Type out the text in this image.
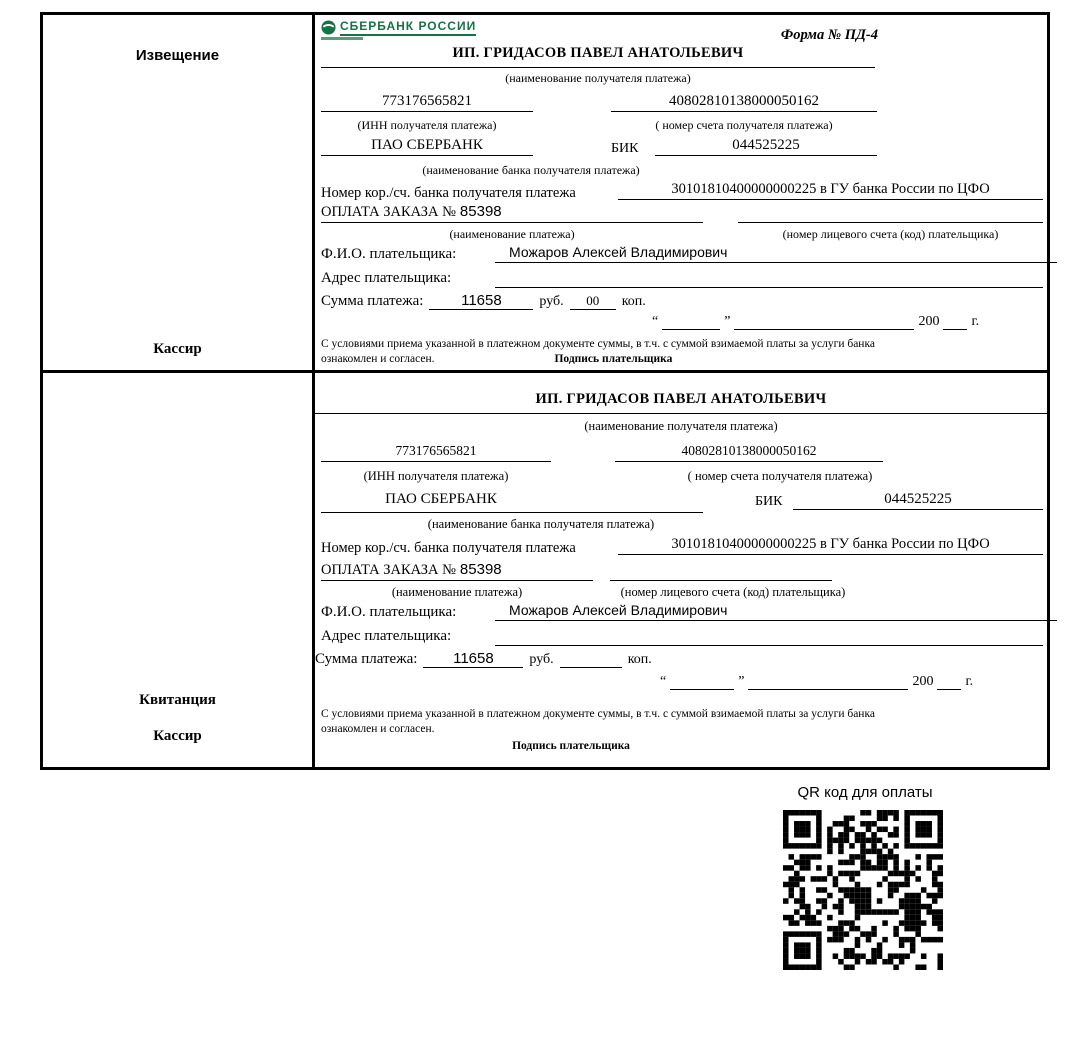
Извещение
Кассир
СБЕРБАНК РОССИИ
Форма № ПД-4
ИП. ГРИДАСОВ ПАВЕЛ АНАТОЛЬЕВИЧ
(наименование получателя платежа)
773176565821	40802810138000050162
(ИНН получателя платежа)	( номер счета получателя платежа)
ПАО СБЕРБАНК	БИК	044525225
(наименование банка получателя платежа)
Номер кор./сч. банка получателя платежа	30101810400000000225 в ГУ банка России по ЦФО
ОПЛАТА ЗАКАЗА № 85398
(наименование платежа)	(номер лицевого счета (код) плательщика)
Ф.И.О. плательщика:	Можаров Алексей Владимирович
Адрес плательщика:
Сумма платежа:	11658	руб.	00	коп.
“	”	200 г.
С условиями приема указанной в платежном документе суммы, в т.ч. с суммой взимаемой платы за услуги банка
ознакомлен и согласен.	Подпись плательщика
Квитанция
Кассир
ИП. ГРИДАСОВ ПАВЕЛ АНАТОЛЬЕВИЧ
(наименование получателя платежа)
773176565821	40802810138000050162
(ИНН получателя платежа)	( номер счета получателя платежа)
ПАО СБЕРБАНК	БИК	044525225
(наименование банка получателя платежа)
Номер кор./сч. банка получателя платежа	30101810400000000225 в ГУ банка России по ЦФО
ОПЛАТА ЗАКАЗА № 85398
(наименование платежа)	(номер лицевого счета (код) плательщика)
Ф.И.О. плательщика:	Можаров Алексей Владимирович
Адрес плательщика:
Сумма платежа:	11658	руб.	коп.
“	”	200 г.
С условиями приема указанной в платежном документе суммы, в т.ч. с суммой взимаемой платы за услуги банка
ознакомлен и согласен.
Подпись плательщика
QR код для оплаты
